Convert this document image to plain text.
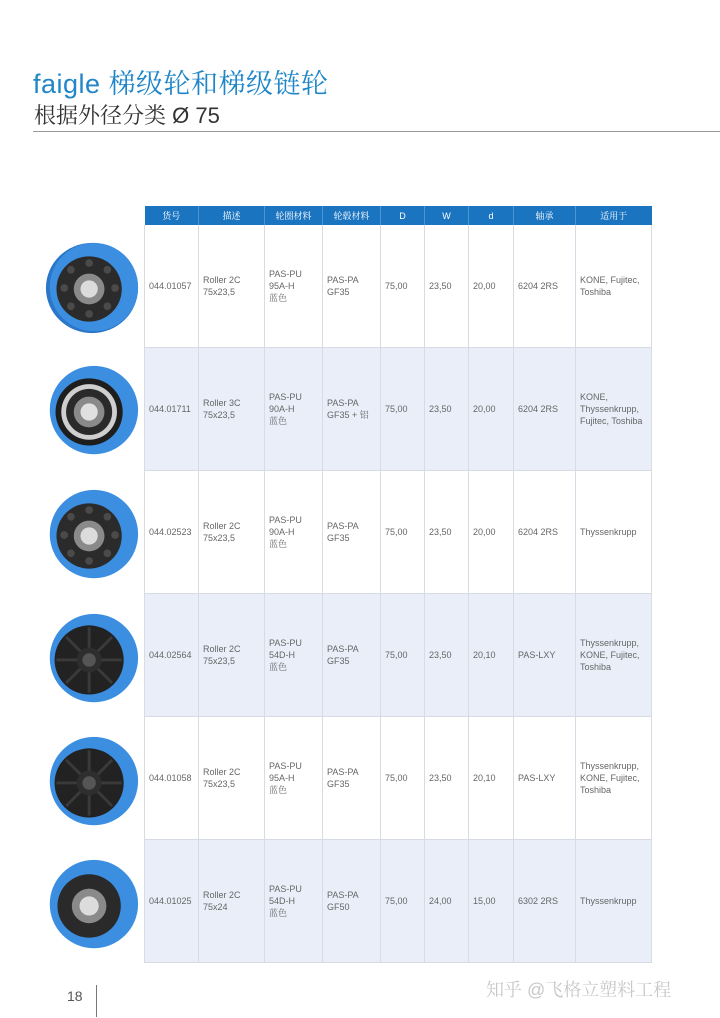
faigle 梯级轮和梯级链轮
根据外径分类 Ø 75
货号	描述	轮圈材料	轮毂材料	D	W	d	轴承	适用于
044.01057	Roller 2C
75x23,5	PAS-PU
95A-H
蓝色	PAS-PA
GF35	75,00	23,50	20,00	6204 2RS	KONE, Fujitec,
Toshiba
044.01711	Roller 3C
75x23,5	PAS-PU
90A-H
蓝色	PAS-PA
GF35 + 铝	75,00	23,50	20,00	6204 2RS	KONE,
Thyssenkrupp,
Fujitec, Toshiba
044.02523	Roller 2C
75x23,5	PAS-PU
90A-H
蓝色	PAS-PA
GF35	75,00	23,50	20,00	6204 2RS	Thyssenkrupp
044.02564	Roller 2C
75x23,5	PAS-PU
54D-H
蓝色	PAS-PA
GF35	75,00	23,50	20,10	PAS-LXY	Thyssenkrupp,
KONE, Fujitec,
Toshiba
044.01058	Roller 2C
75x23,5	PAS-PU
95A-H
蓝色	PAS-PA
GF35	75,00	23,50	20,10	PAS-LXY	Thyssenkrupp,
KONE, Fujitec,
Toshiba
044.01025	Roller 2C
75x24	PAS-PU
54D-H
蓝色	PAS-PA
GF50	75,00	24,00	15,00	6302 2RS	Thyssenkrupp
18	知乎 @飞格立塑料工程
